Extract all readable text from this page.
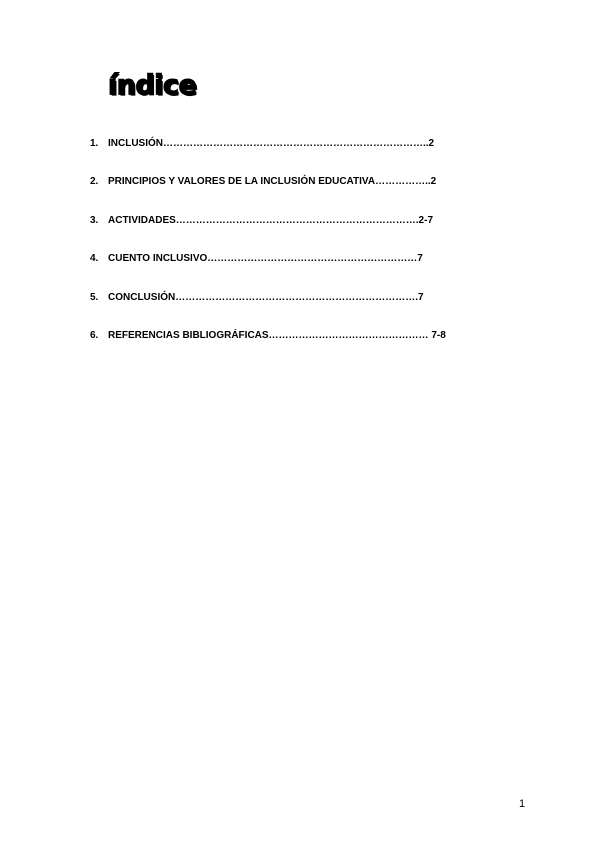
índice
1. INCLUSIÓN……………………………………………………………………..2
2. PRINCIPIOS Y VALORES DE LA INCLUSIÓN EDUCATIVA……………..2
3. ACTIVIDADES……………………………………………………………….2-7
4. CUENTO INCLUSIVO………………………………………………………7
5. CONCLUSIÓN……………………………………………………………….7
6. REFERENCIAS BIBLIOGRÁFICAS………………………………………… 7-8
1
